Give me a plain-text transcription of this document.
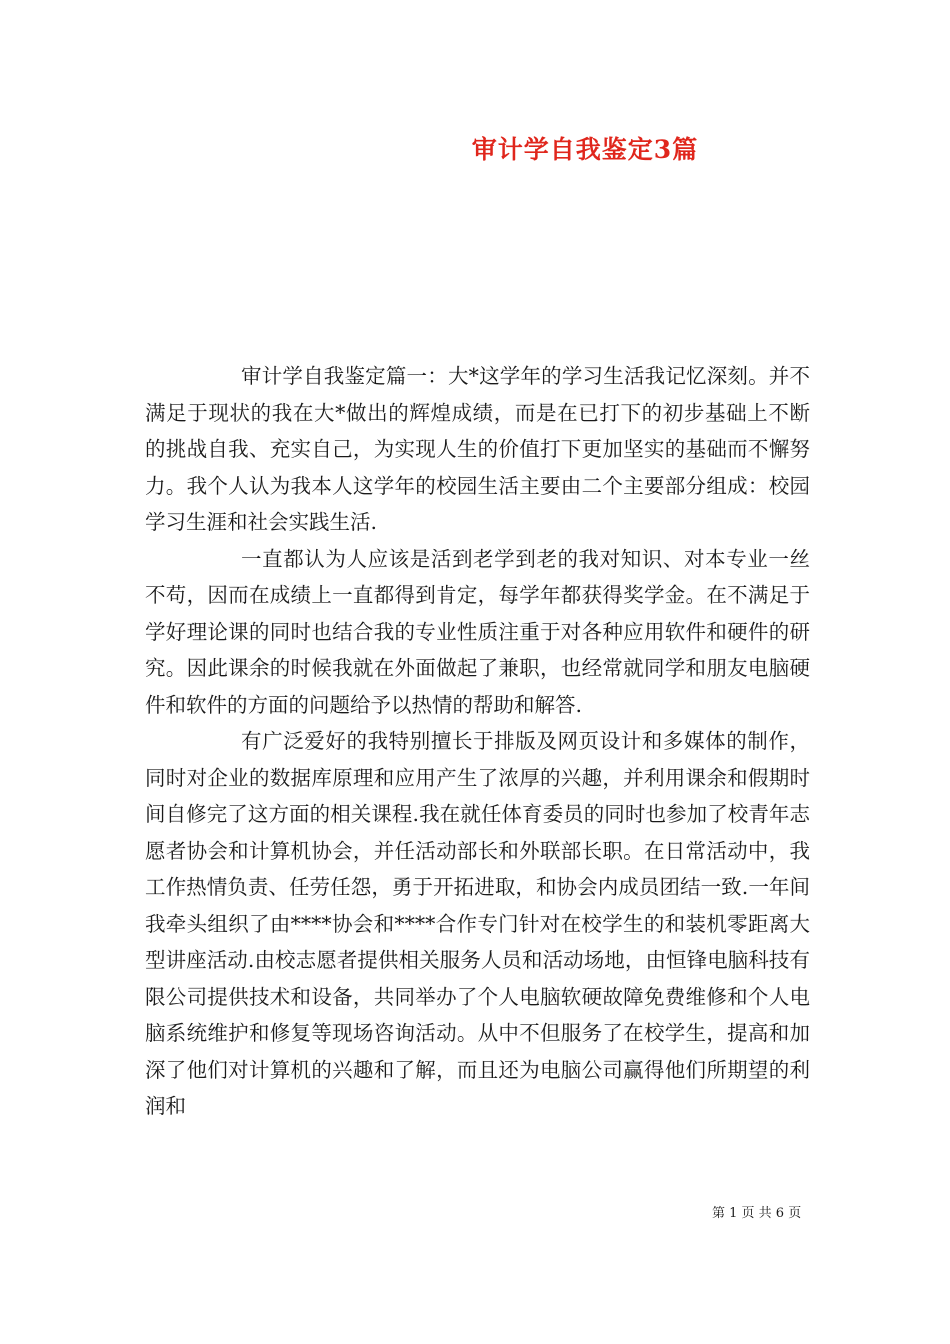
审计学自我鉴定3篇

审计学自我鉴定篇一：大*这学年的学习生活我记忆深刻。并不满足于现状的我在大*做出的辉煌成绩，而是在已打下的初步基础上不断的挑战自我、充实自己，为实现人生的价值打下更加坚实的基础而不懈努力。我个人认为我本人这学年的校园生活主要由二个主要部分组成：校园学习生涯和社会实践生活.

一直都认为人应该是活到老学到老的我对知识、对本专业一丝不苟，因而在成绩上一直都得到肯定，每学年都获得奖学金。在不满足于学好理论课的同时也结合我的专业性质注重于对各种应用软件和硬件的研究。因此课余的时候我就在外面做起了兼职，也经常就同学和朋友电脑硬件和软件的方面的问题给予以热情的帮助和解答.

有广泛爱好的我特别擅长于排版及网页设计和多媒体的制作，同时对企业的数据库原理和应用产生了浓厚的兴趣，并利用课余和假期时间自修完了这方面的相关课程.我在就任体育委员的同时也参加了校青年志愿者协会和计算机协会，并任活动部长和外联部长职。在日常活动中，我工作热情负责、任劳任怨，勇于开拓进取，和协会内成员团结一致.一年间我牵头组织了由****协会和****合作专门针对在校学生的和装机零距离大型讲座活动.由校志愿者提供相关服务人员和活动场地，由恒锋电脑科技有限公司提供技术和设备，共同举办了个人电脑软硬故障免费维修和个人电脑系统维护和修复等现场咨询活动。从中不但服务了在校学生，提高和加深了他们对计算机的兴趣和了解，而且还为电脑公司赢得他们所期望的利润和

第 1 页 共 6 页
